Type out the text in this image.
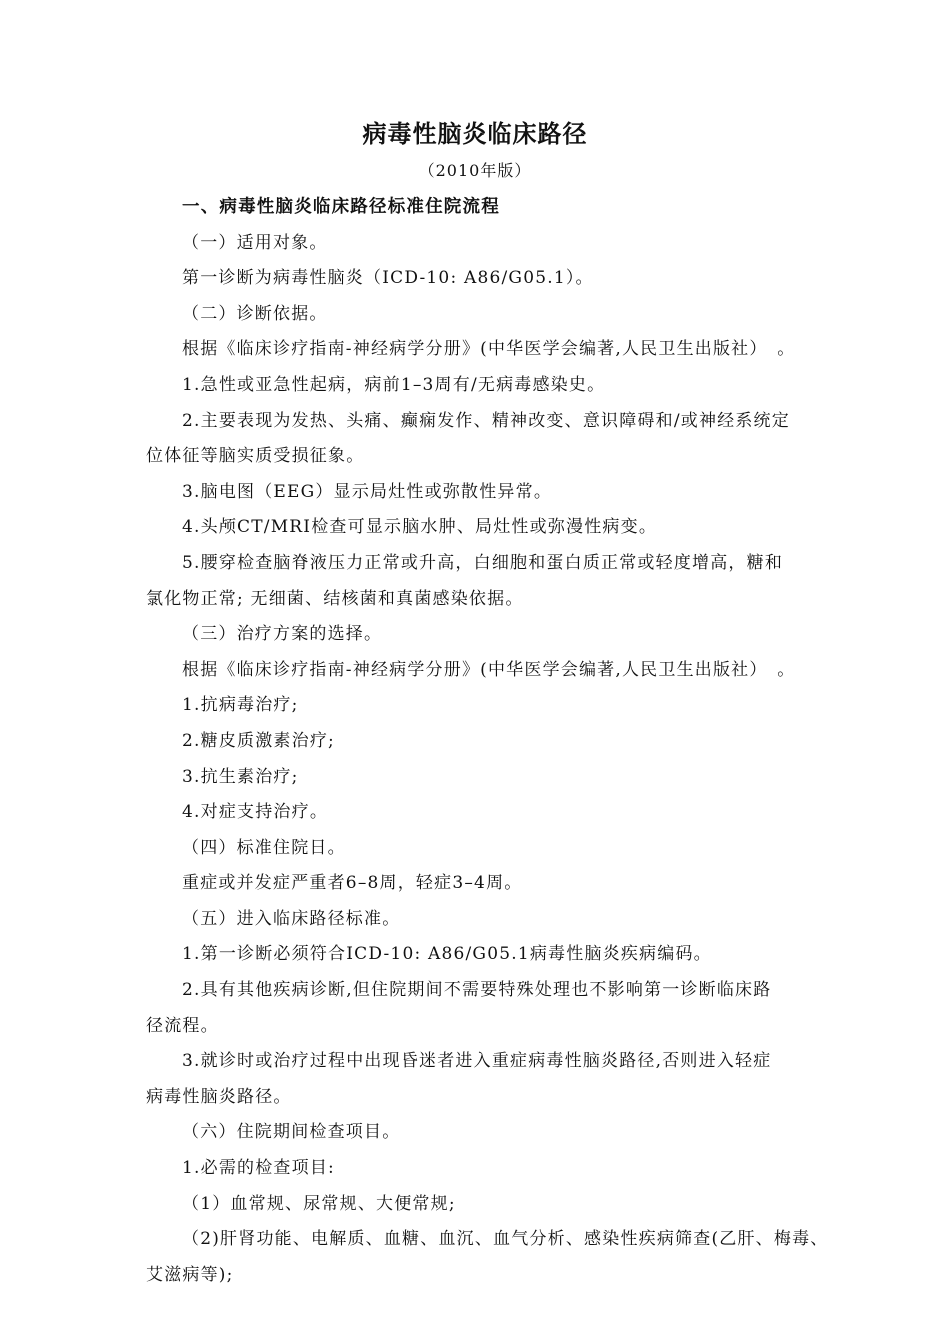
病毒性脑炎临床路径
（2010年版）
一、病毒性脑炎临床路径标准住院流程
（一）适用对象。
第一诊断为病毒性脑炎（ICD-10: A86/G05.1）。
（二）诊断依据。
根据《临床诊疗指南-神经病学分册》(中华医学会编著,人民卫生出版社）　。
1.急性或亚急性起病，病前1–3周有/无病毒感染史。
2.主要表现为发热、头痛、癫痫发作、精神改变、意识障碍和/或神经系统定
位体征等脑实质受损征象。
3.脑电图（EEG）显示局灶性或弥散性异常。
4.头颅CT/MRI检查可显示脑水肿、局灶性或弥漫性病变。
5.腰穿检查脑脊液压力正常或升高，白细胞和蛋白质正常或轻度增高，糖和
氯化物正常; 无细菌、结核菌和真菌感染依据。
（三）治疗方案的选择。
根据《临床诊疗指南-神经病学分册》(中华医学会编著,人民卫生出版社）　。
1.抗病毒治疗;
2.糖皮质激素治疗;
3.抗生素治疗;
4.对症支持治疗。
（四）标准住院日。
重症或并发症严重者6–8周，轻症3–4周。
（五）进入临床路径标准。
1.第一诊断必须符合ICD-10: A86/G05.1病毒性脑炎疾病编码。
2.具有其他疾病诊断,但住院期间不需要特殊处理也不影响第一诊断临床路
径流程。
3.就诊时或治疗过程中出现昏迷者进入重症病毒性脑炎路径,否则进入轻症
病毒性脑炎路径。
（六）住院期间检查项目。
1.必需的检查项目:
（1）血常规、尿常规、大便常规;
（2)肝肾功能、电解质、血糖、血沉、血气分析、感染性疾病筛查(乙肝、梅毒、
艾滋病等);
